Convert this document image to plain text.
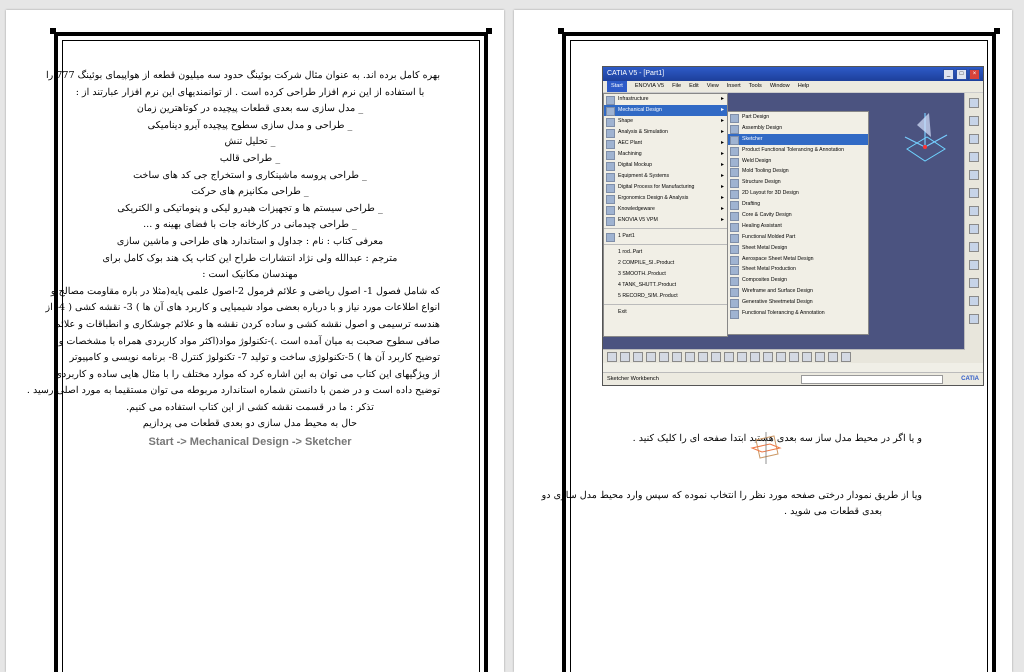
بهره کامل برده اند. به عنوان مثال شرکت بوئینگ حدود سه میلیون قطعه از هواپیمای بوئینگ 777 را

با استفاده از این نرم افزار طراحی کرده است . از توانمندیهای این نرم افزار عبارتند از :

_ مدل سازی سه بعدی قطعات پیچیده در کوتاهترین زمان

_ طراحی و مدل سازی سطوح پیچیده آیرو دینامیکی

_ تحلیل تنش

_ طراحی قالب

_ طراحی پروسه ماشینکاری و استخراج جی کد های ساخت

_ طراحی مکانیزم های حرکت

_ طراحی سیستم ها و تجهیزات هیدرو لیکی و پنوماتیکی و الکتریکی

_ طراحی چیدمانی در کارخانه جات با فضای بهینه و ...

معرفی کتاب : نام : جداول و استاندارد های طراحی و ماشین سازی

مترجم : عبدالله ولی نژاد انتشارات طراح این کتاب یک هند بوک کامل برای

مهندسان مکانیک است :

که شامل فصول 1- اصول ریاضی و علائم فرمول 2-اصول علمی پایه(مثلا در باره مقاومت مصالح و

انواع اطلاعات مورد نیاز و با درباره بعضی مواد شیمیایی و کاربرد های آن ها ) 3- نقشه کشی ( 4- از

هندسه ترسیمی و اصول نقشه کشی و ساده کردن نقشه ها و علائم جوشکاری و انطباقات و علائم

صافی سطوح صحبت به میان آمده است .)-تکنولوژ مواد(اکثر مواد کاربردی همراه با مشخصات و

توضیح کاربرد آن ها ) 5-تکنولوژی ساخت و تولید 7- تکنولوژ کنترل 8- برنامه نویسی و کامپیوتر

از ویژگیهای این کتاب می توان به این اشاره کرد که موارد مختلف را با مثال هایی ساده و کاربردی

توضیح داده است و در ضمن با دانستن شماره استاندارد مربوطه می توان مستقیما به مورد اصلی رسید .

تذکر : ما در قسمت نقشه کشی از این کتاب استفاده می کنیم.

حال به محیط مدل سازی دو بعدی قطعات می پردازیم

Start -> Mechanical Design -> Sketcher

CATIA V5 - [Part1]	_	□	×
Start	ENOVIA V5 File Edit View Insert Tools Window Help
Infrastructure ▸
Mechanical Design ▸
Shape ▸
Analysis & Simulation ▸
AEC Plant ▸
Machining ▸
Digital Mockup ▸
Equipment & Systems ▸
Digital Process for Manufacturing ▸
Ergonomics Design & Analysis ▸
Knowledgeware ▸
ENOVIA V5 VPM ▸
1 Part1
1 rod..Part
2 COMPILE_SI..Product
3 SMOOTH..Product
4 TANK_SHUTT..Product
5 RECORD_SIM..Product
Exit
Part Design
Assembly Design
Sketcher
Product Functional Tolerancing & Annotation
Weld Design
Mold Tooling Design
Structure Design
2D Layout for 3D Design
Drafting
Core & Cavity Design
Healing Assistant
Functional Molded Part
Sheet Metal Design
Aerospace Sheet Metal Design
Sheet Metal Production
Composites Design
Wireframe and Surface Design
Generative Sheetmetal Design
Functional Tolerancing & Annotation
Sketcher Workbench	CATIA

و یا اگر در محیط مدل ساز سه بعدی هستید ابتدا صفحه ای را کلیک کنید .

ویا از طریق نمودار درختی صفحه مورد نظر را انتخاب نموده که سپس وارد محیط مدل سازی دو

بعدی قطعات می شوید .
